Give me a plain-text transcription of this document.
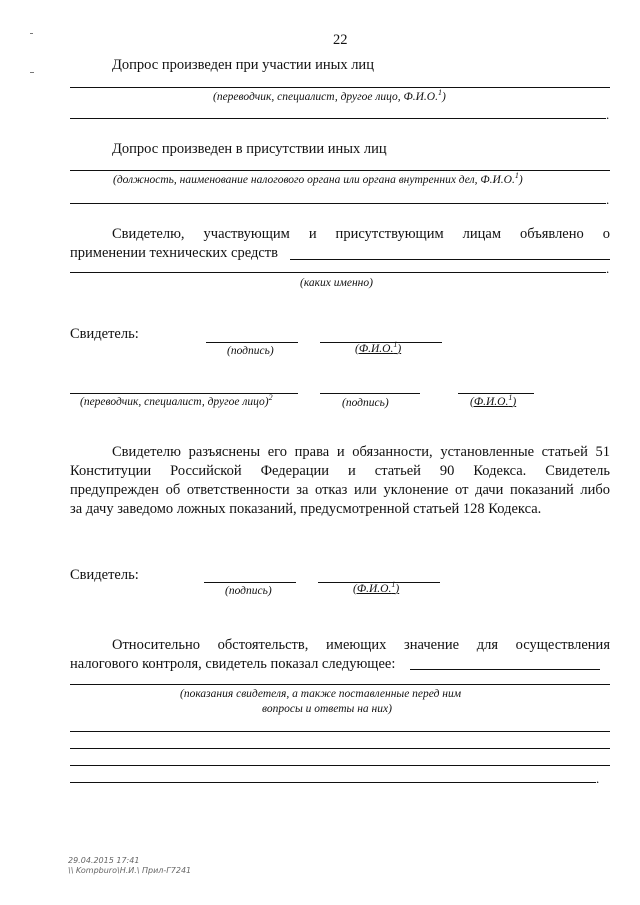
22
Допрос произведен при участии иных лиц
(переводчик, специалист, другое лицо, Ф.И.О.$^1$)
.
Допрос произведен в присутствии иных лиц
(должность, наименование налогового органа или органа внутренних дел, Ф.И.О.$^1$)
.
Свидетелю, участвующим и присутствующим лицам объявлено о
применении технических средств
.
(каких именно)
Свидетель:
(подпись)	(Ф.И.О.$^1$)
(переводчик, специалист, другое лицо)$^2$	(подпись)	(Ф.И.О.$^1$)
Свидетелю разъяснены его права и обязанности, установленные статьей 51
Конституции Российской Федерации и статьей 90 Кодекса. Свидетель
предупрежден об ответственности за отказ или уклонение от дачи показаний либо
за дачу заведомо ложных показаний, предусмотренной статьей 128 Кодекса.
Свидетель:
(подпись)	(Ф.И.О.$^1$)
Относительно обстоятельств, имеющих значение для осуществления
налогового контроля, свидетель показал следующее:
(показания свидетеля, а также поставленные перед ним
вопросы и ответы на них)
.
29.04.2015 17:41
\\ Kompburo\Н.И.\ Прил-Г7241
